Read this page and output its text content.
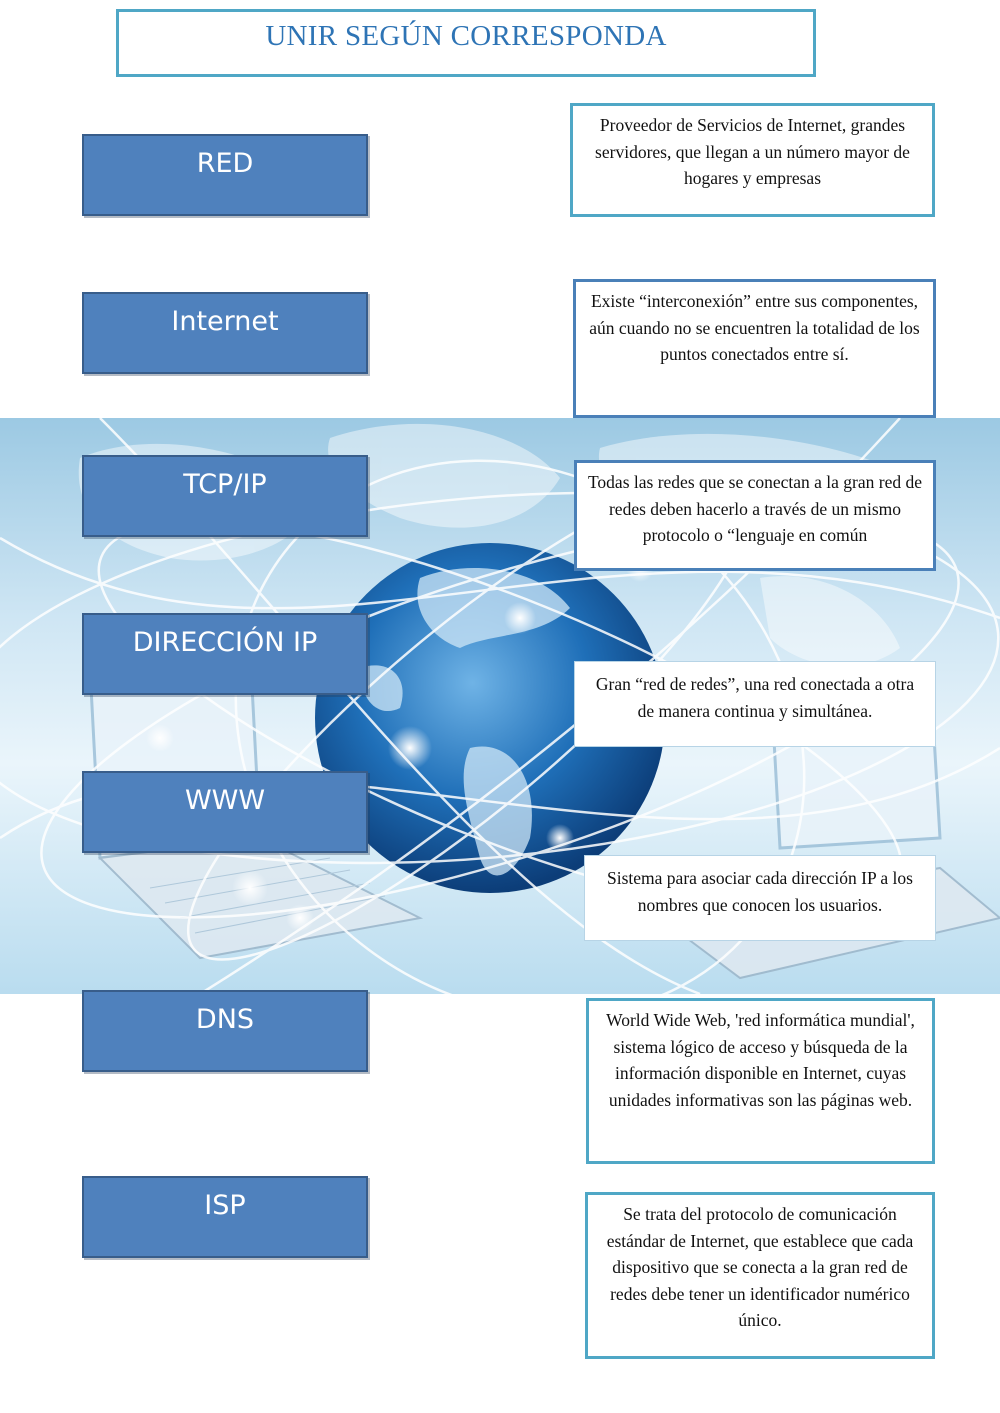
UNIR SEGÚN CORRESPONDA
RED
Internet
TCP/IP
DIRECCIÓN IP
WWW
DNS
ISP
Proveedor de Servicios de Internet, grandes servidores, que llegan a un número mayor de hogares y empresas
Existe “interconexión” entre sus componentes, aún cuando no se encuentren la totalidad de los puntos conectados entre sí.
Todas las redes que se conectan a la gran red de redes deben hacerlo a través de un mismo protocolo o “lenguaje en común
Gran “red de redes”, una red conectada a otra de manera continua y simultánea.
Sistema para asociar cada dirección IP a los nombres que conocen los usuarios.
World Wide Web, 'red informática mundial', sistema lógico de acceso y búsqueda de la información disponible en Internet, cuyas unidades informativas son las páginas web.
Se trata del protocolo de comunicación estándar de Internet, que establece que cada dispositivo que se conecta a la gran red de redes debe tener un identificador numérico único.
